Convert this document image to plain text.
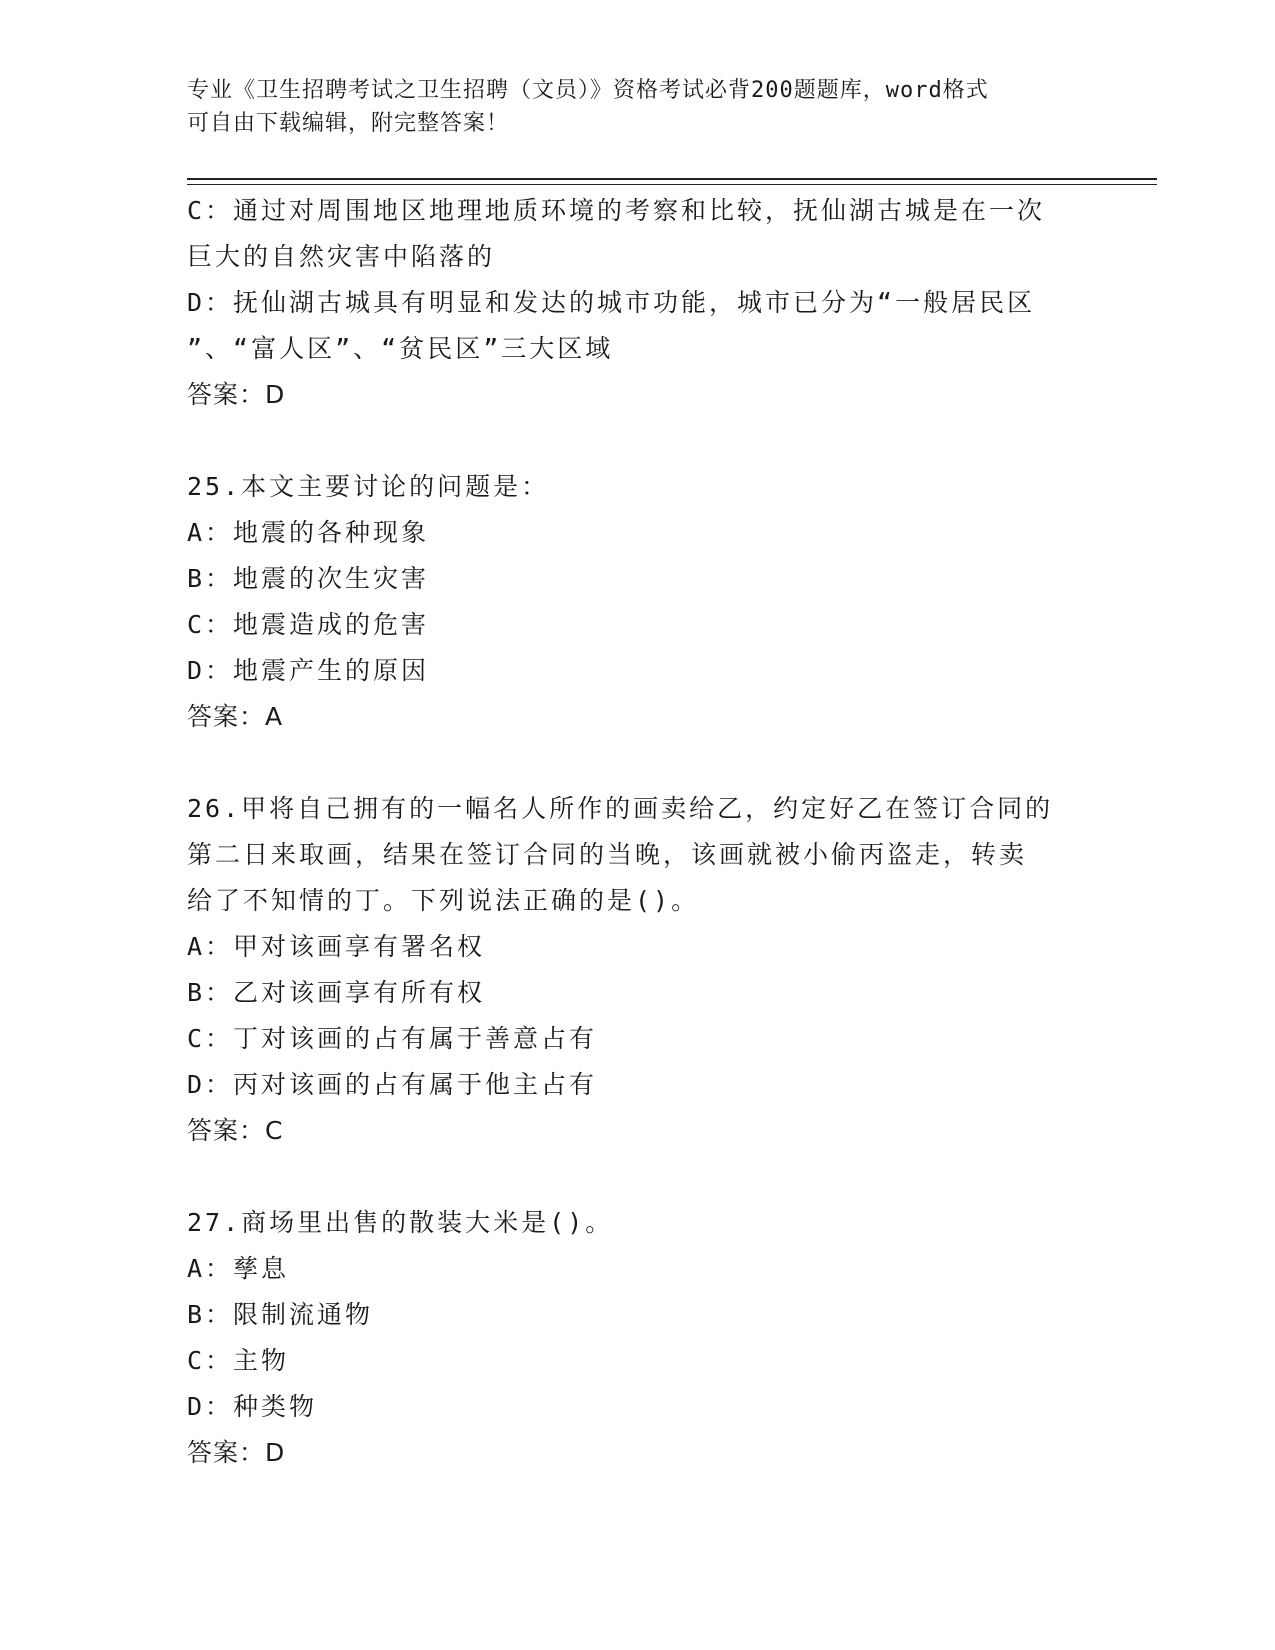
专业《卫生招聘考试之卫生招聘（文员）》资格考试必背200题题库，word格式
可自由下载编辑，附完整答案！
C：通过对周围地区地理地质环境的考察和比较，抚仙湖古城是在一次
巨大的自然灾害中陷落的
D：抚仙湖古城具有明显和发达的城市功能，城市已分为“一般居民区
”、“富人区”、“贫民区”三大区域
答案：D
25.本文主要讨论的问题是：
A：地震的各种现象
B：地震的次生灾害
C：地震造成的危害
D：地震产生的原因
答案：A
26.甲将自己拥有的一幅名人所作的画卖给乙，约定好乙在签订合同的
第二日来取画，结果在签订合同的当晚，该画就被小偷丙盗走，转卖
给了不知情的丁。下列说法正确的是()。
A：甲对该画享有署名权
B：乙对该画享有所有权
C：丁对该画的占有属于善意占有
D：丙对该画的占有属于他主占有
答案：C
27.商场里出售的散装大米是()。
A：孳息
B：限制流通物
C：主物
D：种类物
答案：D
